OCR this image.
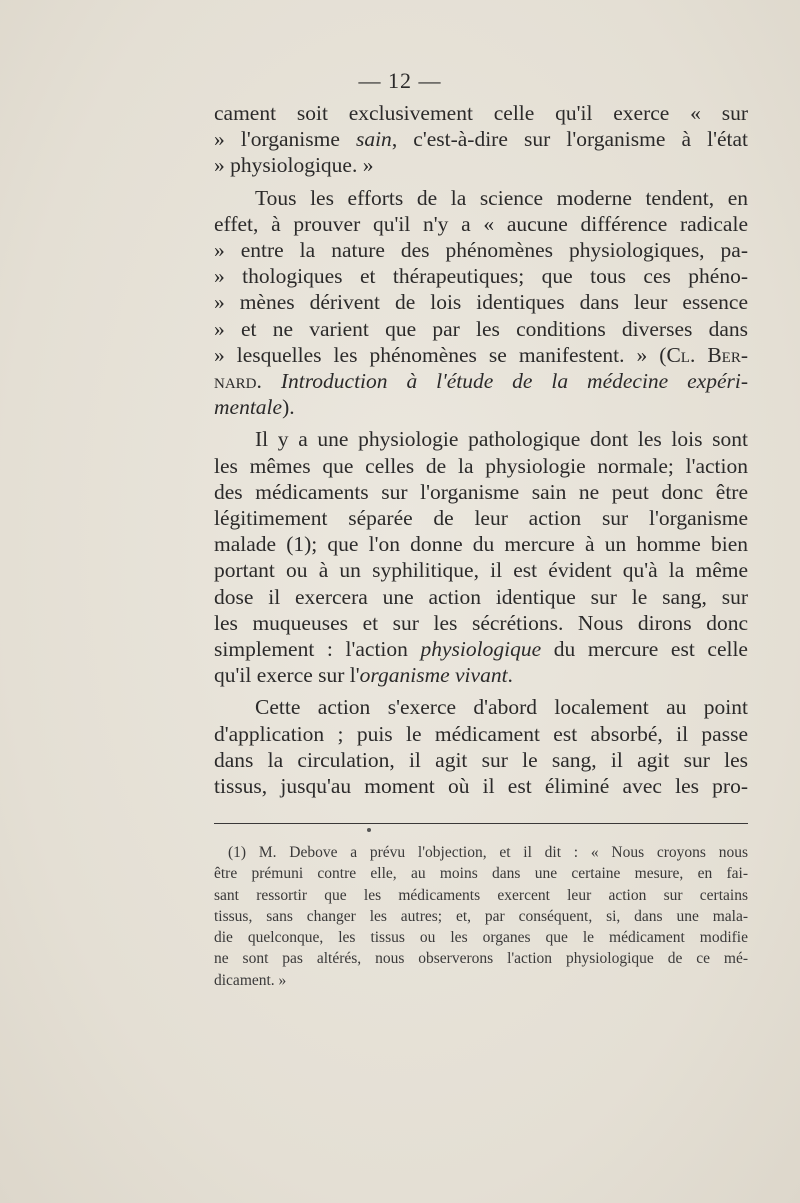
— 12 —

cament soit exclusivement celle qu'il exerce « sur
» l'organisme sain, c'est-à-dire sur l'organisme à l'état
» physiologique. »

Tous les efforts de la science moderne tendent, en
effet, à prouver qu'il n'y a « aucune différence radicale
» entre la nature des phénomènes physiologiques, pa-
» thologiques et thérapeutiques; que tous ces phéno-
» mènes dérivent de lois identiques dans leur essence
» et ne varient que par les conditions diverses dans
» lesquelles les phénomènes se manifestent. » (Cl. Ber-
nard. Introduction à l'étude de la médecine expéri-
mentale).

Il y a une physiologie pathologique dont les lois sont
les mêmes que celles de la physiologie normale; l'action
des médicaments sur l'organisme sain ne peut donc être
légitimement séparée de leur action sur l'organisme
malade (1); que l'on donne du mercure à un homme bien
portant ou à un syphilitique, il est évident qu'à la même
dose il exercera une action identique sur le sang, sur
les muqueuses et sur les sécrétions. Nous dirons donc
simplement : l'action physiologique du mercure est celle
qu'il exerce sur l'organisme vivant.

Cette action s'exerce d'abord localement au point
d'application ; puis le médicament est absorbé, il passe
dans la circulation, il agit sur le sang, il agit sur les
tissus, jusqu'au moment où il est éliminé avec les pro-

(1) M. Debove a prévu l'objection, et il dit : « Nous croyons nous
être prémuni contre elle, au moins dans une certaine mesure, en fai-
sant ressortir que les médicaments exercent leur action sur certains
tissus, sans changer les autres; et, par conséquent, si, dans une mala-
die quelconque, les tissus ou les organes que le médicament modifie
ne sont pas altérés, nous observerons l'action physiologique de ce mé-
dicament. »
